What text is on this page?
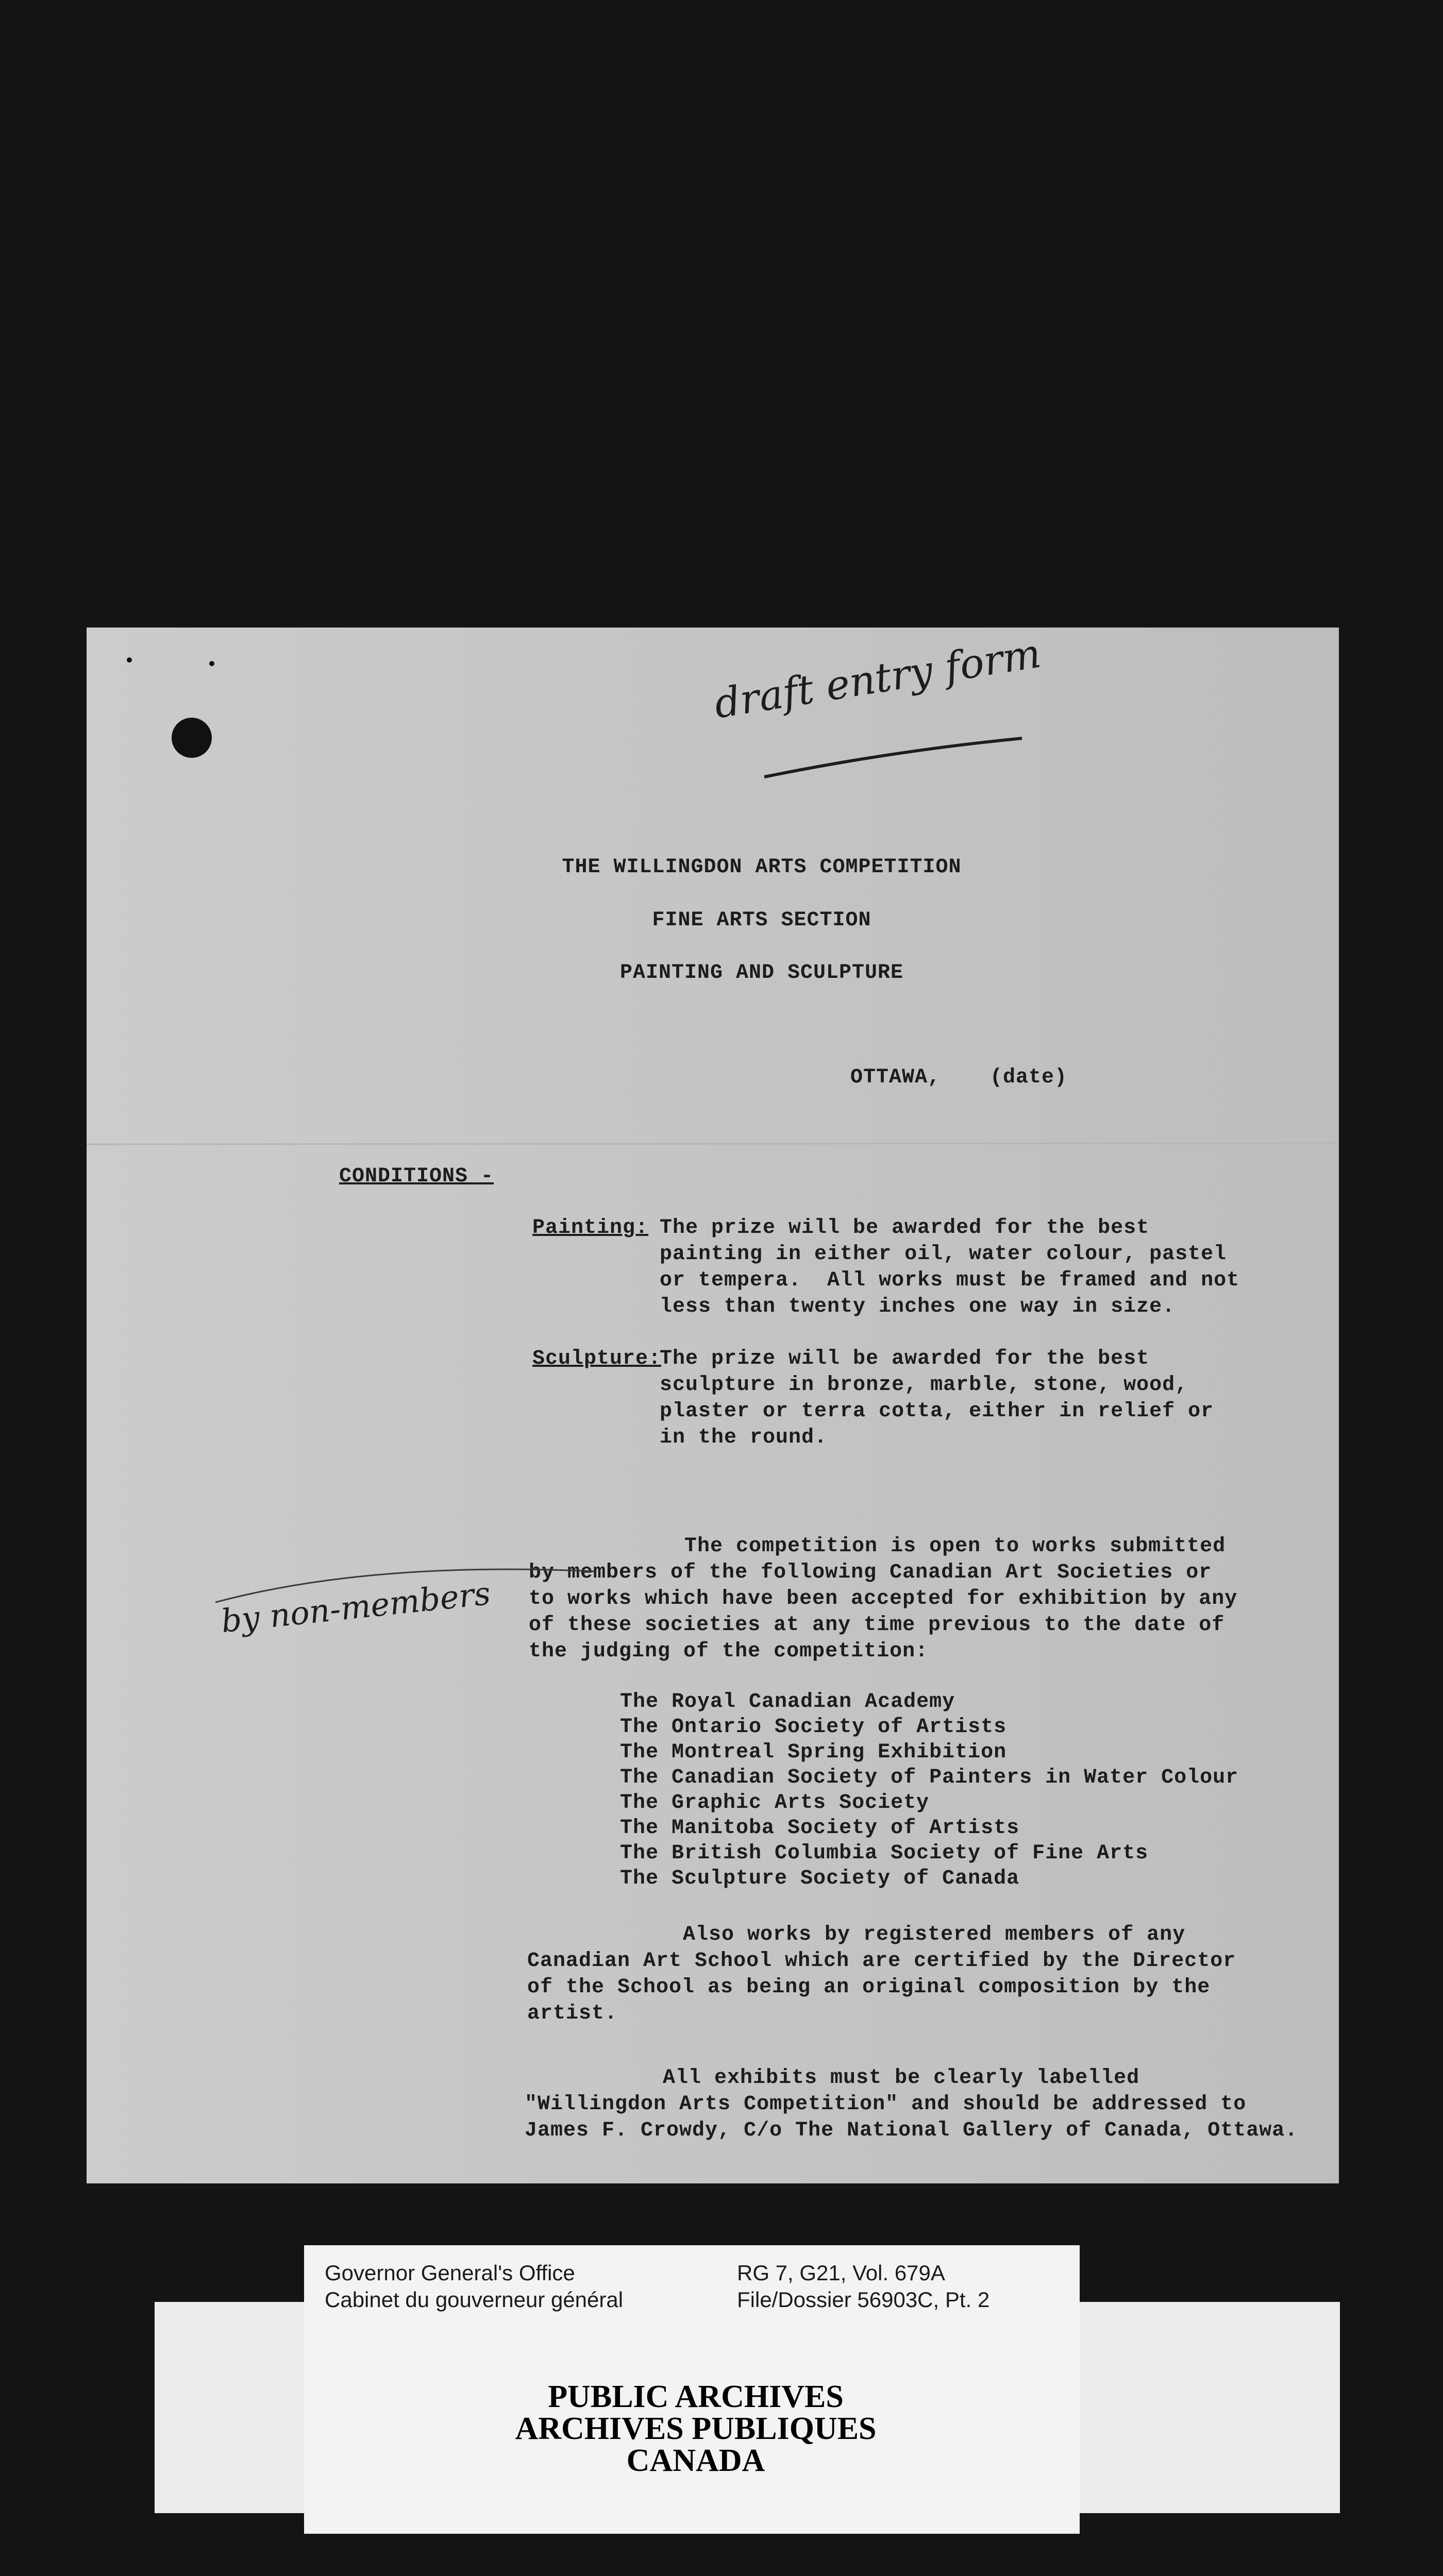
draft entry form
THE WILLINGDON ARTS COMPETITION
FINE ARTS SECTION
PAINTING AND SCULPTURE
OTTAWA, (date)
CONDITIONS -
Painting: The prize will be awarded for the best
painting in either oil, water colour, pastel
or tempera.  All works must be framed and not
less than twenty inches one way in size.
Sculpture:
The prize will be awarded for the best
sculpture in bronze, marble, stone, wood,
plaster or terra cotta, either in relief or
in the round.
The competition is open to works submitted
by members of the following Canadian Art Societies or
to works which have been accepted for exhibition by any
of these societies at any time previous to the date of
the judging of the competition:
by non-members
The Royal Canadian Academy
The Ontario Society of Artists
The Montreal Spring Exhibition
The Canadian Society of Painters in Water Colour
The Graphic Arts Society
The Manitoba Society of Artists
The British Columbia Society of Fine Arts
The Sculpture Society of Canada
Also works by registered members of any
Canadian Art School which are certified by the Director
of the School as being an original composition by the
artist.
All exhibits must be clearly labelled
"Willingdon Arts Competition" and should be addressed to
James F. Crowdy, C/o The National Gallery of Canada, Ottawa.
Governor General's Office
Cabinet du gouverneur général
RG 7, G21, Vol. 679A
File/Dossier 56903C, Pt. 2
PUBLIC ARCHIVES
ARCHIVES PUBLIQUES
CANADA
